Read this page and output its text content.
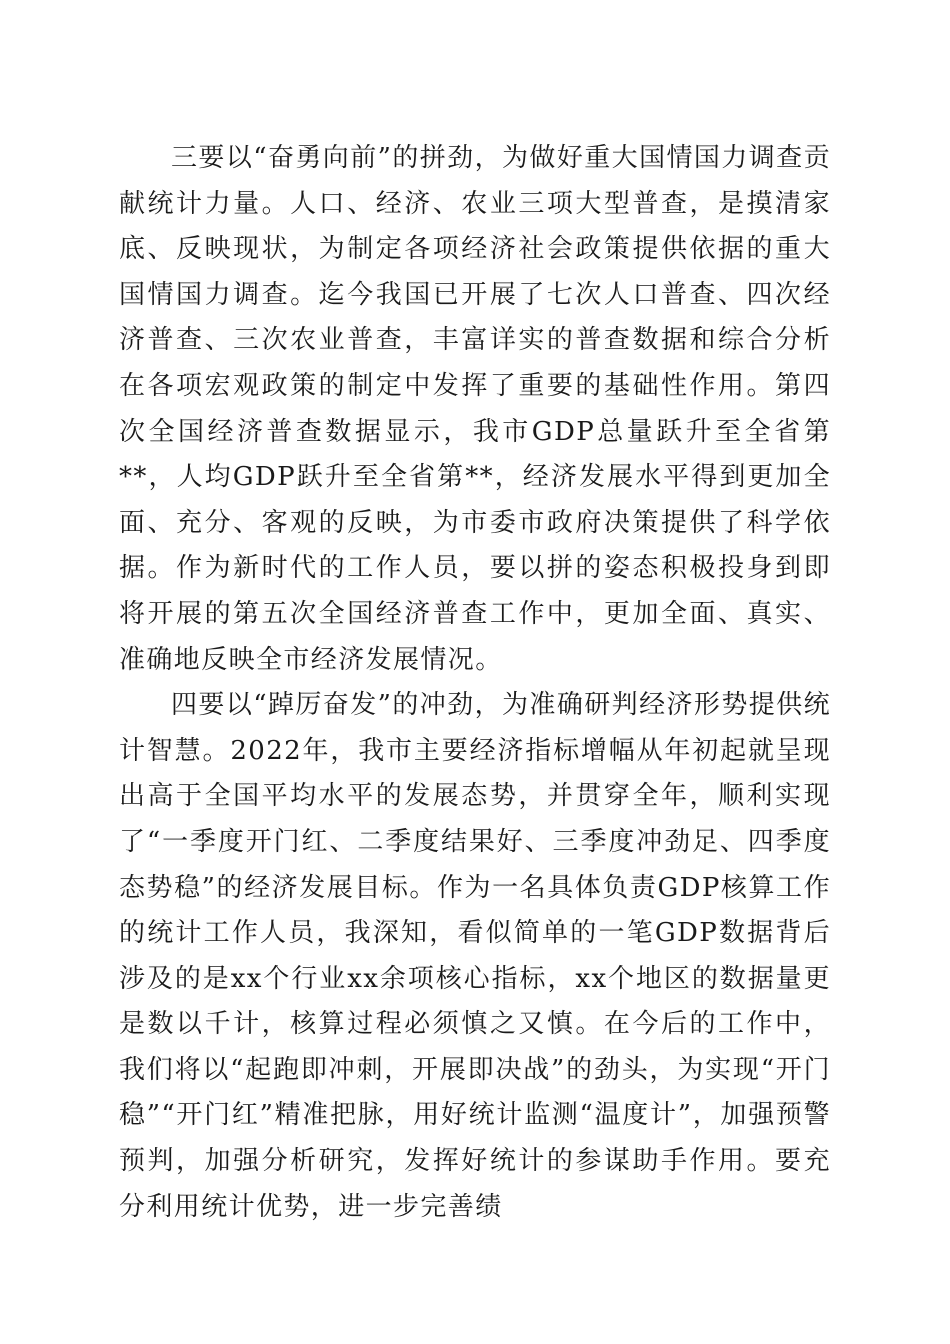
三要以“奋勇向前”的拼劲，为做好重大国情国力调查贡献统计力量。人口、经济、农业三项大型普查，是摸清家底、反映现状，为制定各项经济社会政策提供依据的重大国情国力调查。迄今我国已开展了七次人口普查、四次经济普查、三次农业普查，丰富详实的普查数据和综合分析在各项宏观政策的制定中发挥了重要的基础性作用。第四次全国经济普查数据显示，我市GDP总量跃升至全省第**，人均GDP跃升至全省第**，经济发展水平得到更加全面、充分、客观的反映，为市委市政府决策提供了科学依据。作为新时代的工作人员，要以拼的姿态积极投身到即将开展的第五次全国经济普查工作中，更加全面、真实、准确地反映全市经济发展情况。

四要以“踔厉奋发”的冲劲，为准确研判经济形势提供统计智慧。2022年，我市主要经济指标增幅从年初起就呈现出高于全国平均水平的发展态势，并贯穿全年，顺利实现了“一季度开门红、二季度结果好、三季度冲劲足、四季度态势稳”的经济发展目标。作为一名具体负责GDP核算工作的统计工作人员，我深知，看似简单的一笔GDP数据背后涉及的是xx个行业xx余项核心指标，xx个地区的数据量更是数以千计，核算过程必须慎之又慎。在今后的工作中，我们将以“起跑即冲刺，开展即决战”的劲头，为实现“开门稳”“开门红”精准把脉，用好统计监测“温度计”，加强预警预判，加强分析研究，发挥好统计的参谋助手作用。要充分利用统计优势，进一步完善绩
